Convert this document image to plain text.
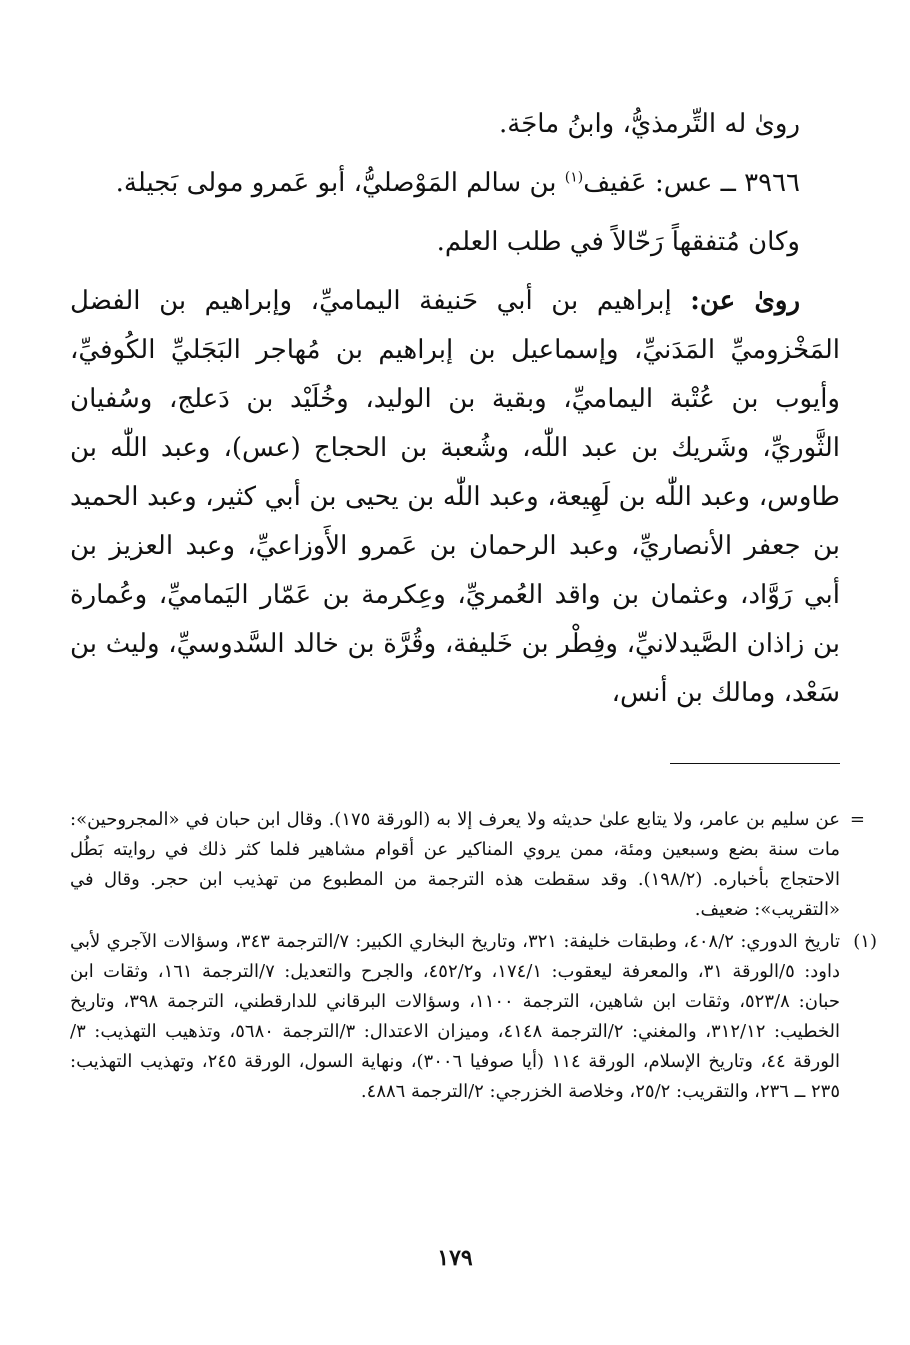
روىٰ له التِّرمذيُّ، وابنُ ماجَة.

٣٩٦٦ ــ عس: عَفيف$^{(١)}$ بن سالم المَوْصليُّ، أبو عَمرو مولى بَجيلة.

وكان مُتفقهاً رَحّالاً في طلب العلم.

روىٰ عن: إبراهيم بن أبي حَنيفة اليماميِّ، وإبراهيم بن الفضل المَخْزوميِّ المَدَنيِّ، وإسماعيل بن إبراهيم بن مُهاجر البَجَليِّ الكُوفيِّ، وأيوب بن عُتْبة اليماميِّ، وبقية بن الوليد، وخُلَيْد بن دَعلج، وسُفيان الثَّوريِّ، وشَريك بن عبد اللّٰه، وشُعبة بن الحجاج (عس)، وعبد اللّٰه بن طاوس، وعبد اللّٰه بن لَهِيعة، وعبد اللّٰه بن يحيى بن أبي كثير، وعبد الحميد بن جعفر الأنصاريِّ، وعبد الرحمان بن عَمرو الأَوزاعيِّ، وعبد العزيز بن أبي رَوَّاد، وعثمان بن واقد العُمريِّ، وعِكرمة بن عَمّار اليَماميِّ، وعُمارة بن زاذان الصَّيدلانيِّ، وفِطْر بن خَليفة، وقُرَّة بن خالد السَّدوسيِّ، وليث بن سَعْد، ومالك بن أنس،

=

عن سليم بن عامر، ولا يتابع علىٰ حديثه ولا يعرف إلا به (الورقة ١٧٥). وقال ابن حبان في «المجروحين»: مات سنة بضع وسبعين ومئة، ممن يروي المناكير عن أقوام مشاهير فلما كثر ذلك في روايته بَطُل الاحتجاج بأخباره. (١٩٨/٢). وقد سقطت هذه الترجمة من المطبوع من تهذيب ابن حجر. وقال في «التقريب»: ضعيف.

(١)

تاريخ الدوري: ٤٠٨/٢، وطبقات خليفة: ٣٢١، وتاريخ البخاري الكبير: ٧/الترجمة ٣٤٣، وسؤالات الآجري لأبي داود: ٥/الورقة ٣١، والمعرفة ليعقوب: ١٧٤/١، و٤٥٢/٢، والجرح والتعديل: ٧/الترجمة ١٦١، وثقات ابن حبان: ٥٢٣/٨، وثقات ابن شاهين، الترجمة ١١٠٠، وسؤالات البرقاني للدارقطني، الترجمة ٣٩٨، وتاريخ الخطيب: ٣١٢/١٢، والمغني: ٢/الترجمة ٤١٤٨، وميزان الاعتدال: ٣/الترجمة ٥٦٨٠، وتذهيب التهذيب: ٣/الورقة ٤٤، وتاريخ الإسلام، الورقة ١١٤ (أيا صوفيا ٣٠٠٦)، ونهاية السول، الورقة ٢٤٥، وتهذيب التهذيب: ٢٣٥ ــ ٢٣٦، والتقريب: ٢٥/٢، وخلاصة الخزرجي: ٢/الترجمة ٤٨٨٦.

١٧٩
